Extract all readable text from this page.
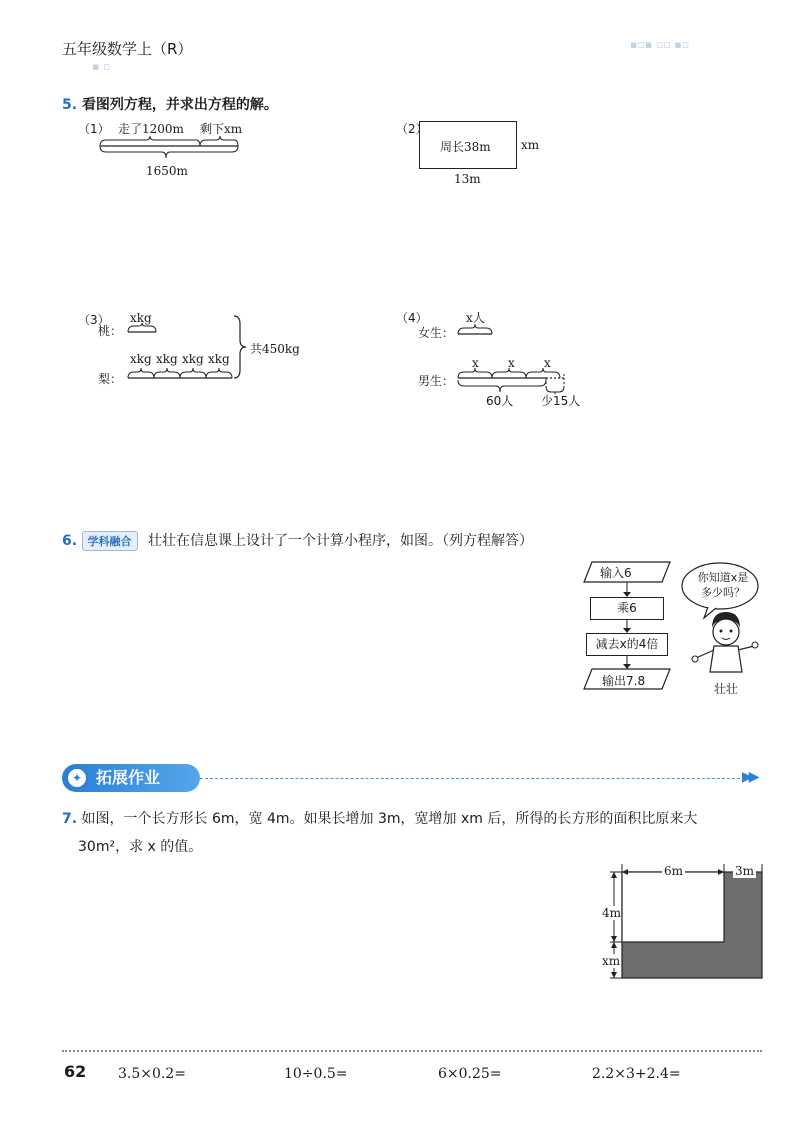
五年级数学上（R）
▪ ▫
▪▫▪ ▫▫ ▪▫
5. 看图列方程，并求出方程的解。
（1） 走了1200m 剩下xm
1650m
（2）
周长38m	xm
13m
（3）
桃：
xkg
梨：
xkg xkg xkg xkg
共450kg
（4）
女生：
x人
男生：
x x x
60人 少15人
6. 学科融合 壮壮在信息课上设计了一个计算小程序，如图。（列方程解答）
输入6
乘6
减去x的4倍
输出7.8
你知道x是多少吗？
壮壮
拓展作业
✦	▶▶
7. 如图，一个长方形长 6m，宽 4m。如果长增加 3m，宽增加 xm 后，所得的长方形的面积比原来大
30m²，求 x 的值。
6m	3m
4m
xm
62 3.5×0.2=	10÷0.5=	6×0.25=	2.2×3+2.4=
